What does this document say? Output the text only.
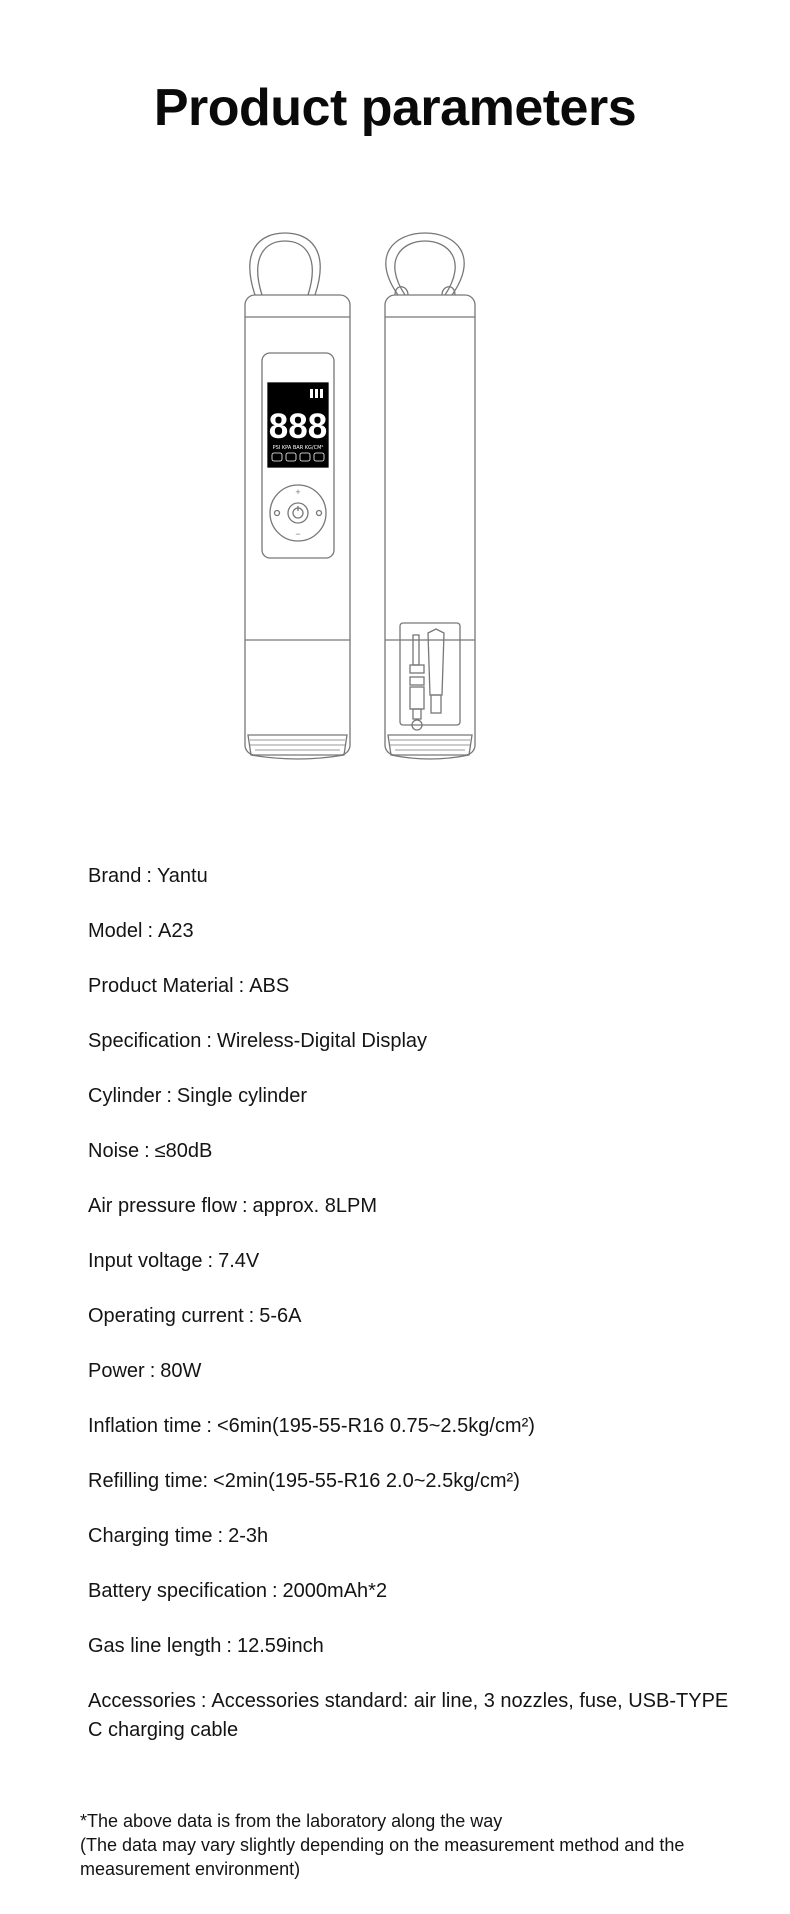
Product parameters
888
PSI KPA BAR KG/CM²
+
−
Brand : Yantu
Model : A23
Product Material : ABS
Specification : Wireless-Digital Display
Cylinder : Single cylinder
Noise : ≤80dB
Air pressure flow : approx. 8LPM
Input voltage : 7.4V
Operating current : 5-6A
Power : 80W
Inflation time : <6min(195-55-R16 0.75~2.5kg/cm²)
Refilling time: <2min(195-55-R16 2.0~2.5kg/cm²)
Charging time : 2-3h
Battery specification : 2000mAh*2
Gas line length : 12.59inch
Accessories : Accessories standard: air line, 3 nozzles, fuse, USB-TYPE C charging cable
*The above data is from the laboratory along the way
(The data may vary slightly depending on the measurement method and the measurement environment)
